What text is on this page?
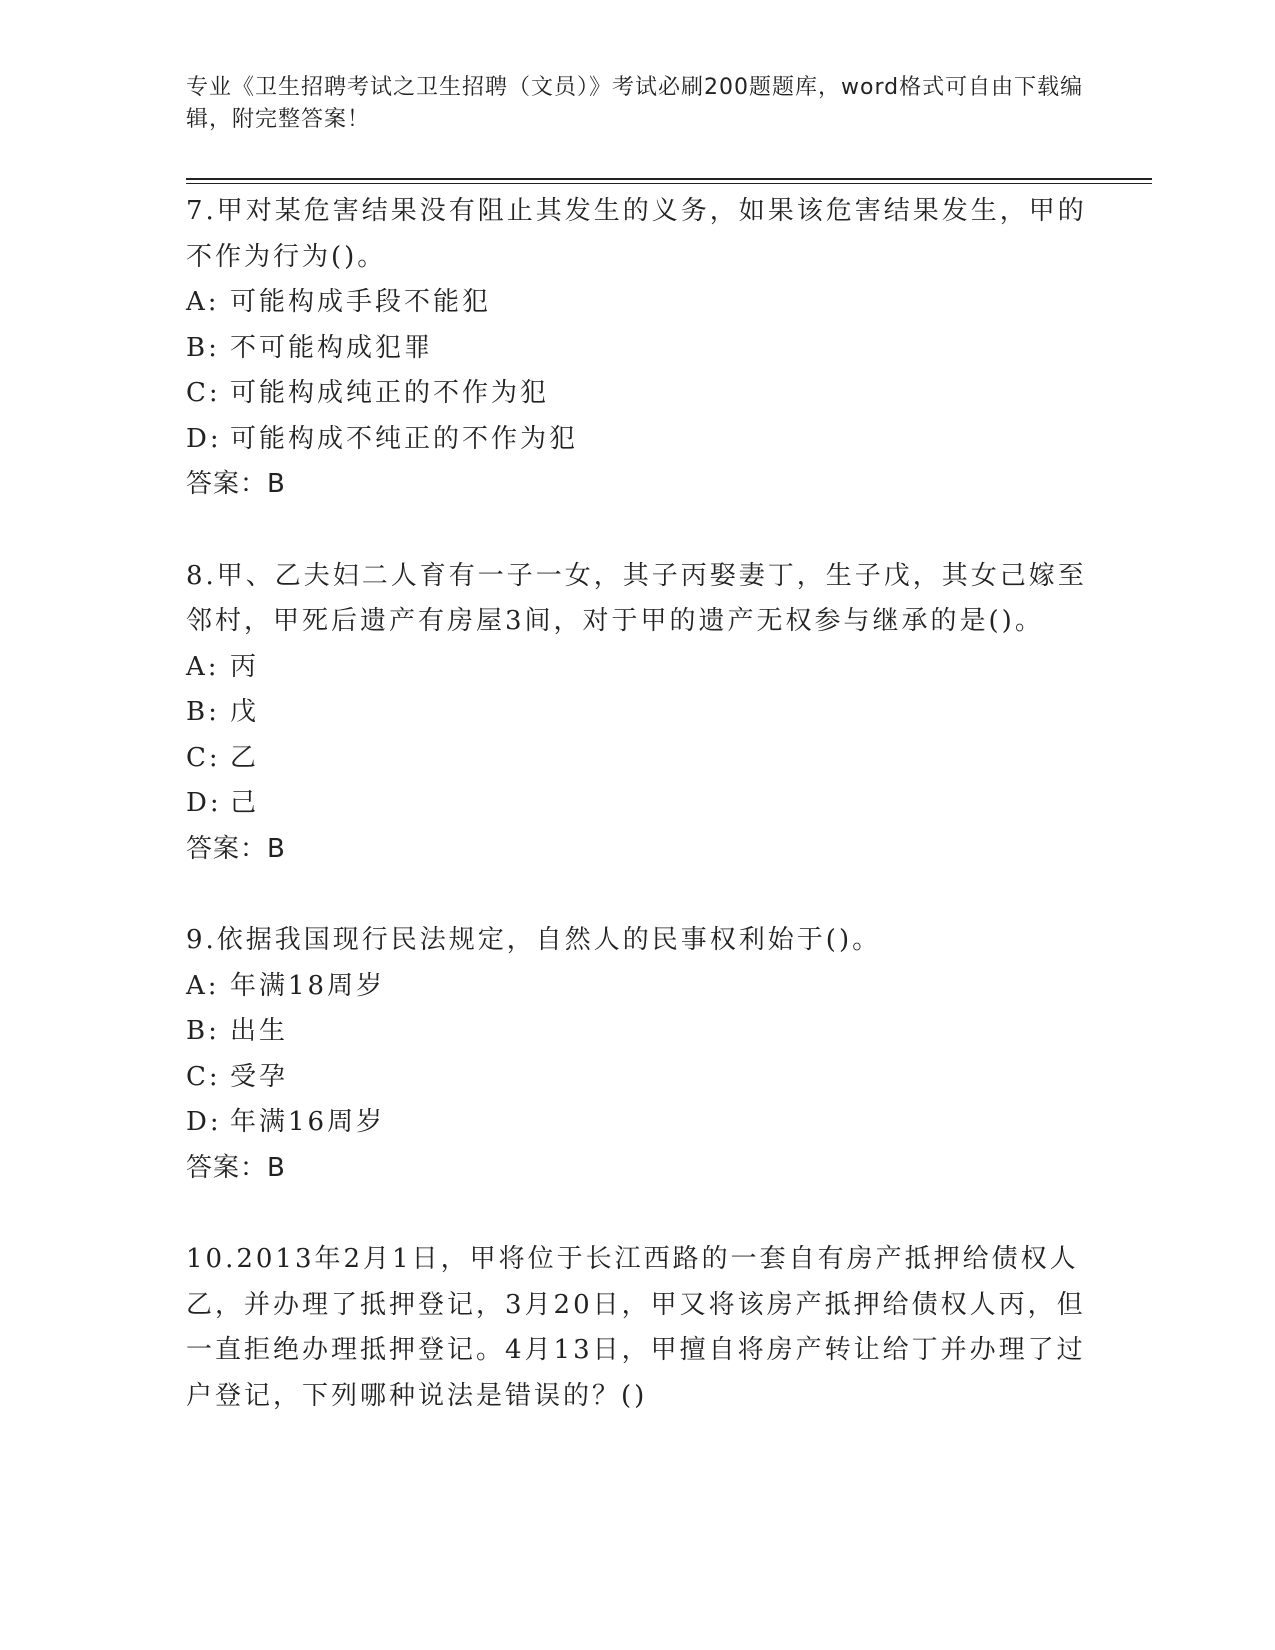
专业《卫生招聘考试之卫生招聘（文员）》考试必刷200题题库，word格式可自由下载编辑，附完整答案！
7.甲对某危害结果没有阻止其发生的义务，如果该危害结果发生，甲的不作为行为()。
A: 可能构成手段不能犯
B: 不可能构成犯罪
C: 可能构成纯正的不作为犯
D: 可能构成不纯正的不作为犯
答案：B
8.甲、乙夫妇二人育有一子一女，其子丙娶妻丁，生子戊，其女己嫁至邻村，甲死后遗产有房屋3间，对于甲的遗产无权参与继承的是()。
A: 丙
B: 戊
C: 乙
D: 己
答案：B
9.依据我国现行民法规定，自然人的民事权利始于()。
A: 年满18周岁
B: 出生
C: 受孕
D: 年满16周岁
答案：B
10.2013年2月1日，甲将位于长江西路的一套自有房产抵押给债权人乙，并办理了抵押登记，3月20日，甲又将该房产抵押给债权人丙，但一直拒绝办理抵押登记。4月13日，甲擅自将房产转让给丁并办理了过户登记，下列哪种说法是错误的？()
